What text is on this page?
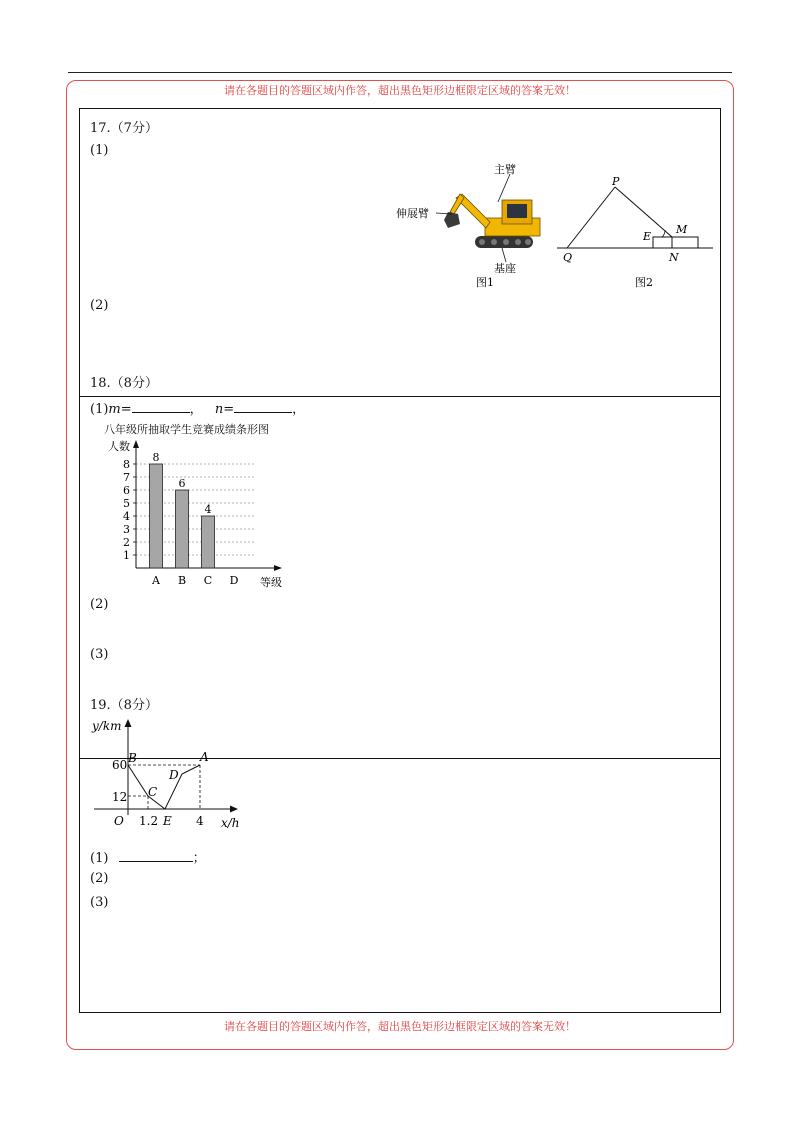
请在各题目的答题区域内作答，超出黑色矩形边框限定区域的答案无效！
请在各题目的答题区域内作答，超出黑色矩形边框限定区域的答案无效！
17.（7分）
(1)
(2)
主臂
伸展臂
基座
图1
P
M
E
Q	N
图2
18.（8分）
(1)m=	， n=	，
八年级所抽取学生竞赛成绩条形图
1
2
3
4
5
6
7
8
人数
等级
8
A
6
B
4
C D
(2)
(3)
19.（8分）
y/km
x/h
60
12
O 1.2	4
B	A
D
C
E
(1)	；
(2)
(3)
